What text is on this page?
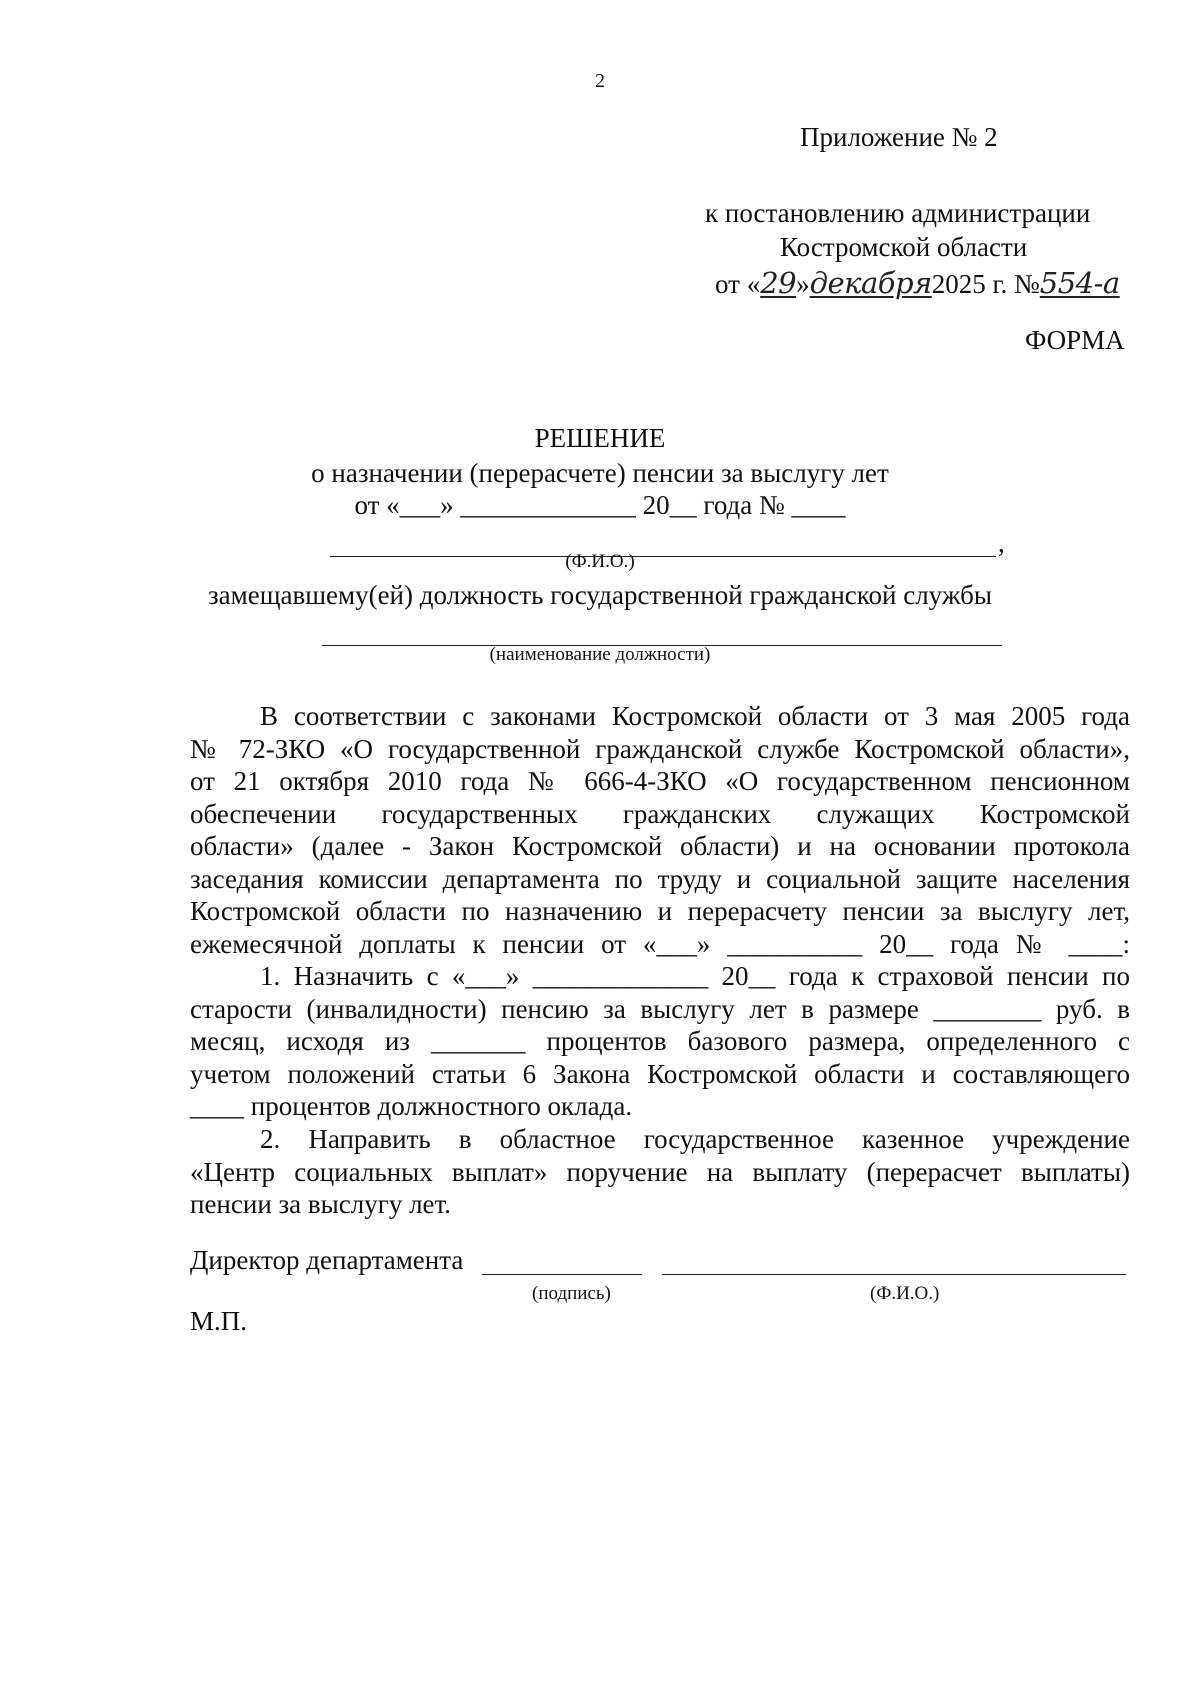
2
Приложение № 2
к постановлению администрации
Костромской области
от «29»декабря2025 г. №554-а
ФОРМА
РЕШЕНИЕ
о назначении (перерасчете) пенсии за выслугу лет
от «___» _____________ 20__ года № ____
,
(Ф.И.О.)
замещавшему(ей) должность государственной гражданской службы
(наименование должности)
В соответствии с законами Костромской области от 3 мая 2005 года
№ 72-ЗКО «О государственной гражданской службе Костромской области»,
от 21 октября 2010 года № 666-4-ЗКО «О государственном пенсионном
обеспечении государственных гражданских служащих Костромской
области» (далее - Закон Костромской области) и на основании протокола
заседания комиссии департамента по труду и социальной защите населения
Костромской области по назначению и перерасчету пенсии за выслугу лет,
ежемесячной доплаты к пенсии от «___» __________ 20__ года № ____:
1. Назначить с «___» _____________ 20__ года к страховой пенсии по
старости (инвалидности) пенсию за выслугу лет в размере ________ руб. в
месяц, исходя из _______ процентов базового размера, определенного с
учетом положений статьи 6 Закона Костромской области и составляющего
____ процентов должностного оклада.
2. Направить в областное государственное казенное учреждение
«Центр социальных выплат» поручение на выплату (перерасчет выплаты)
пенсии за выслугу лет.
Директор департамента
(подпись)	(Ф.И.О.)
М.П.
